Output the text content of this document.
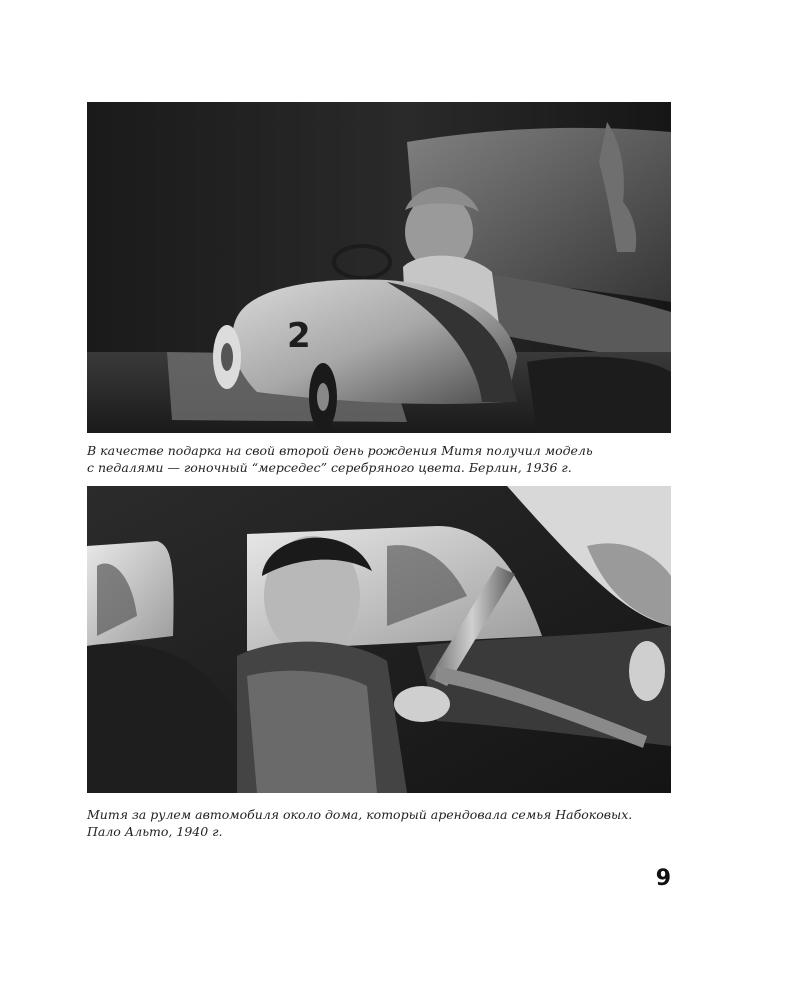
2
В качестве подарка на свой второй день рождения Митя получил модель
с педалями — гоночный “мерседес” серебряного цвета. Берлин, 1936 г.
Митя за рулем автомобиля около дома, который арендовала семья Набоковых.
Пало Альто, 1940 г.
9
